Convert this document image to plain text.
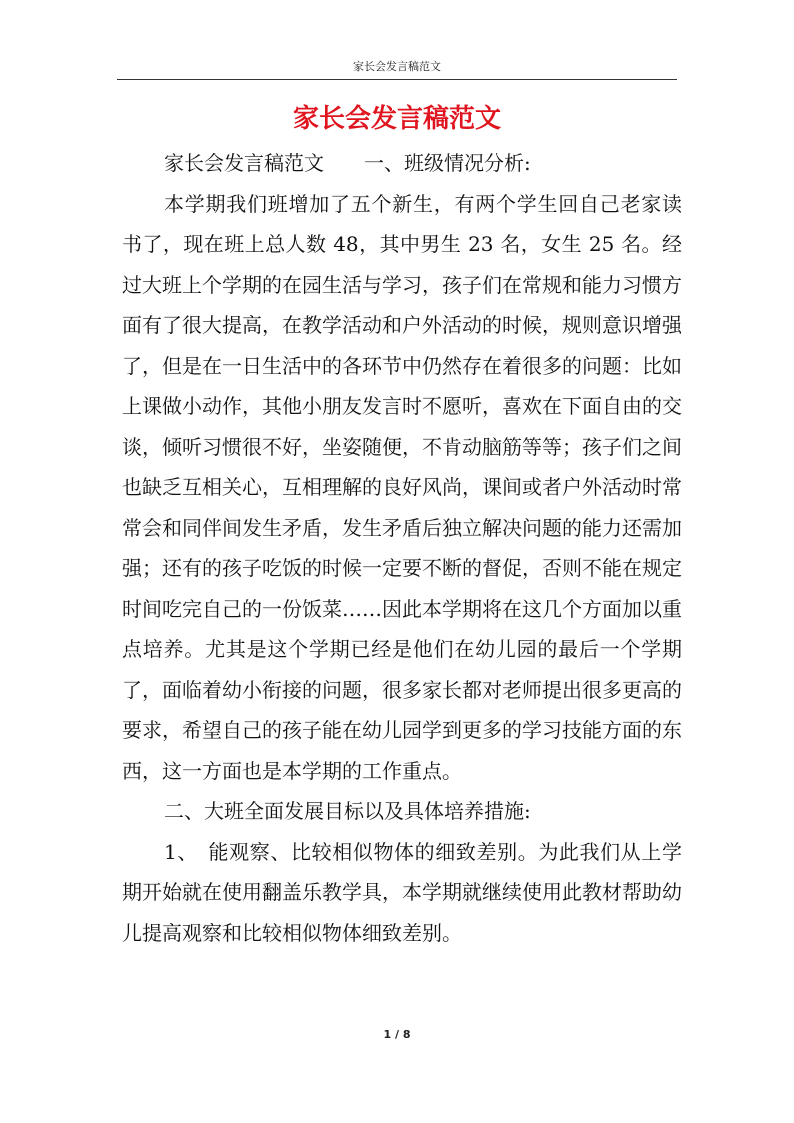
家长会发言稿范文
家长会发言稿范文

家长会发言稿范文　　一、班级情况分析:

本学期我们班增加了五个新生，有两个学生回自己老家读书了，现在班上总人数 48，其中男生 23 名，女生 25 名。经过大班上个学期的在园生活与学习，孩子们在常规和能力习惯方面有了很大提高，在教学活动和户外活动的时候，规则意识增强了，但是在一日生活中的各环节中仍然存在着很多的问题：比如上课做小动作，其他小朋友发言时不愿听，喜欢在下面自由的交谈，倾听习惯很不好，坐姿随便，不肯动脑筋等等；孩子们之间也缺乏互相关心，互相理解的良好风尚，课间或者户外活动时常常会和同伴间发生矛盾，发生矛盾后独立解决问题的能力还需加强；还有的孩子吃饭的时候一定要不断的督促，否则不能在规定时间吃完自己的一份饭菜……因此本学期将在这几个方面加以重点培养。尤其是这个学期已经是他们在幼儿园的最后一个学期了，面临着幼小衔接的问题，很多家长都对老师提出很多更高的要求，希望自己的孩子能在幼儿园学到更多的学习技能方面的东西，这一方面也是本学期的工作重点。

二、大班全面发展目标以及具体培养措施:

1、　能观察、比较相似物体的细致差别。为此我们从上学期开始就在使用翻盖乐教学具，本学期就继续使用此教材帮助幼儿提高观察和比较相似物体细致差别。

1 / 8
